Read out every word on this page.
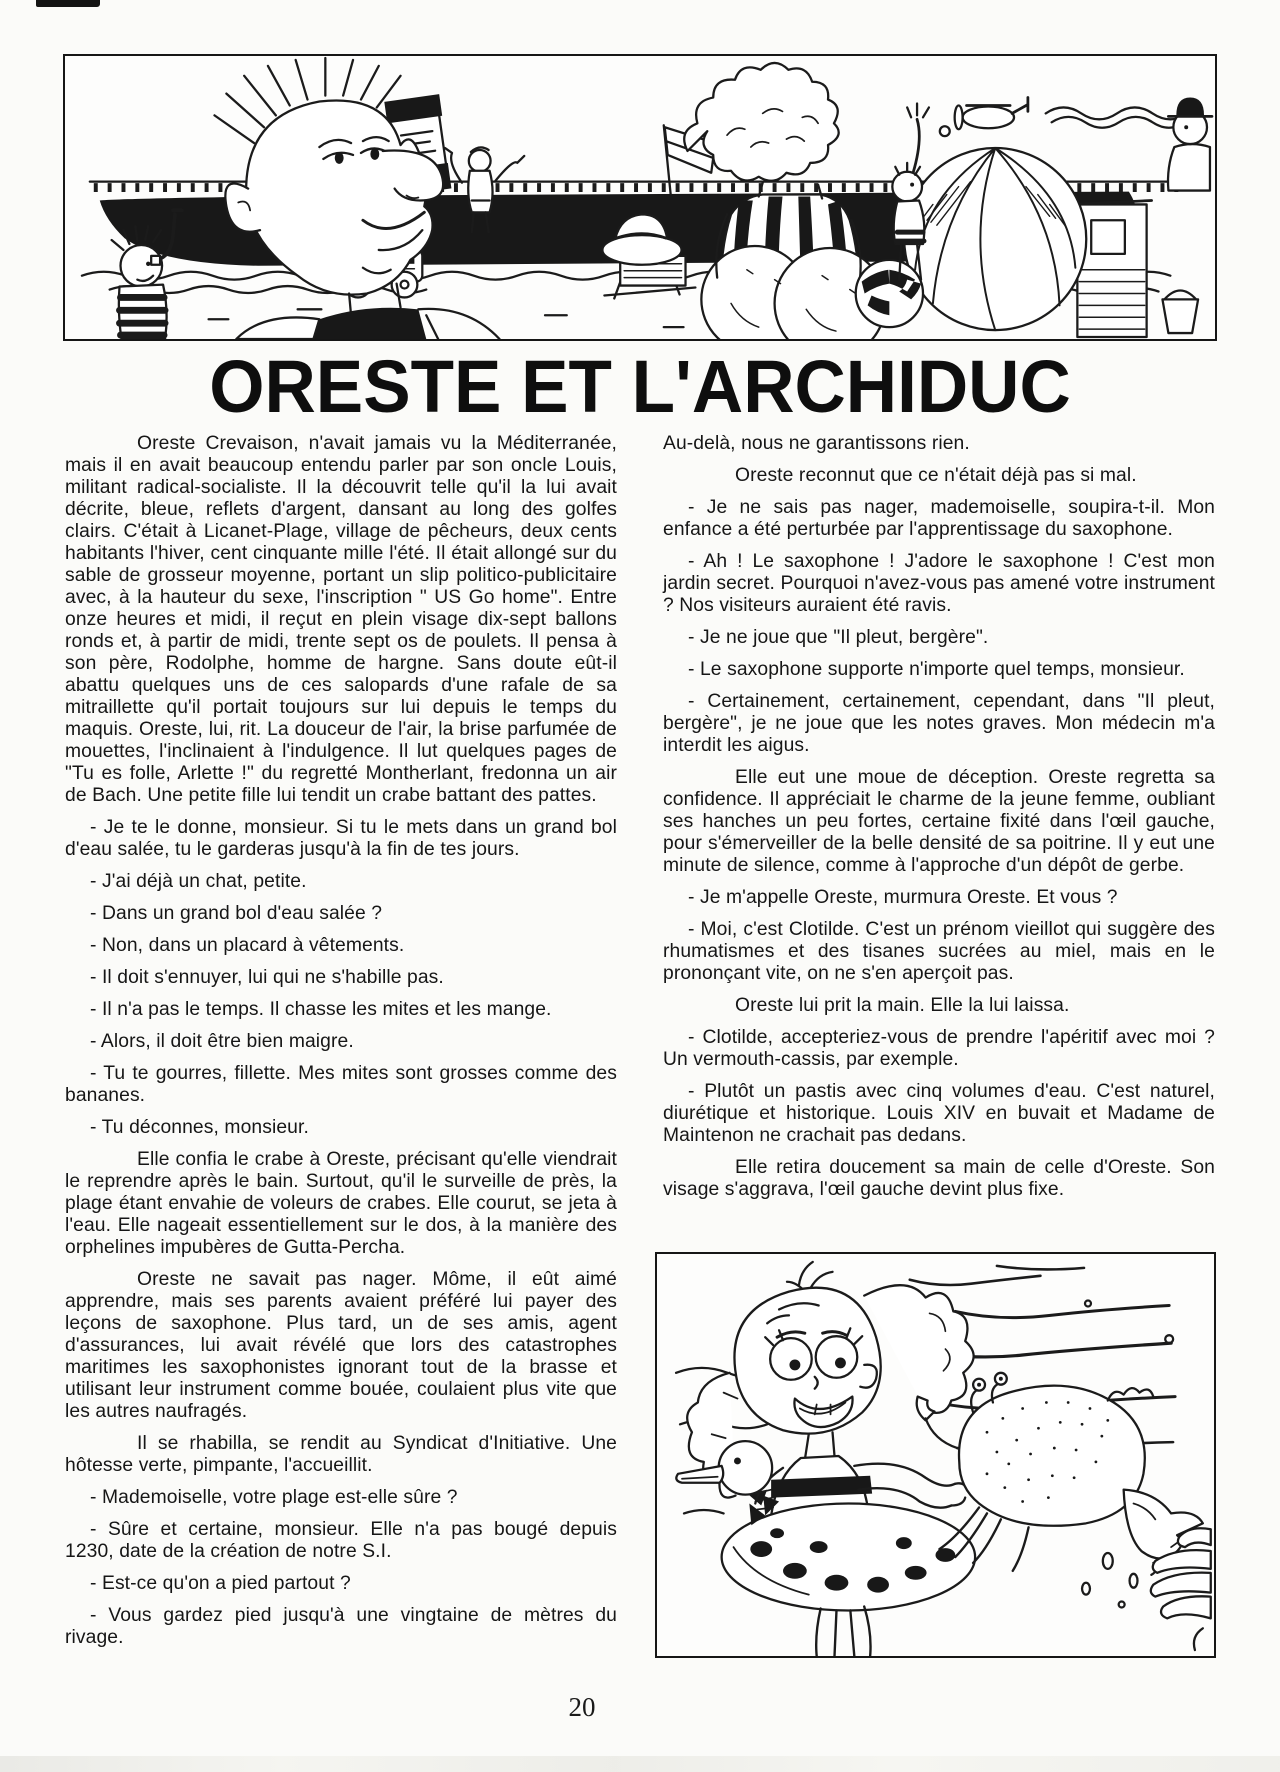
ORESTE ET L'ARCHIDUC

Oreste Crevaison, n'avait jamais vu la Méditerranée, mais il en avait beaucoup entendu parler par son oncle Louis, militant radical-socialiste. Il la découvrit telle qu'il la lui avait décrite, bleue, reflets d'argent, dansant au long des golfes clairs. C'était à Licanet-Plage, village de pêcheurs, deux cents habitants l'hiver, cent cinquante mille l'été. Il était allongé sur du sable de grosseur moyenne, portant un slip politico-publicitaire avec, à la hauteur du sexe, l'inscription " US Go home". Entre onze heures et midi, il reçut en plein visage dix-sept ballons ronds et, à partir de midi, trente sept os de poulets. Il pensa à son père, Rodolphe, homme de hargne. Sans doute eût-il abattu quelques uns de ces salopards d'une rafale de sa mitraillette qu'il portait toujours sur lui depuis le temps du maquis. Oreste, lui, rit. La douceur de l'air, la brise parfumée de mouettes, l'inclinaient à l'indulgence. Il lut quelques pages de "Tu es folle, Arlette !" du regretté Montherlant, fredonna un air de Bach. Une petite fille lui tendit un crabe battant des pattes.

- Je te le donne, monsieur. Si tu le mets dans un grand bol d'eau salée, tu le garderas jusqu'à la fin de tes jours.

- J'ai déjà un chat, petite.

- Dans un grand bol d'eau salée ?

- Non, dans un placard à vêtements.

- Il doit s'ennuyer, lui qui ne s'habille pas.

- Il n'a pas le temps. Il chasse les mites et les mange.

- Alors, il doit être bien maigre.

- Tu te gourres, fillette. Mes mites sont grosses comme des bananes.

- Tu déconnes, monsieur.

Elle confia le crabe à Oreste, précisant qu'elle viendrait le reprendre après le bain. Surtout, qu'il le surveille de près, la plage étant envahie de voleurs de crabes. Elle courut, se jeta à l'eau. Elle nageait essentiellement sur le dos, à la manière des orphelines impubères de Gutta-Percha.

Oreste ne savait pas nager. Môme, il eût aimé apprendre, mais ses parents avaient préféré lui payer des leçons de saxophone. Plus tard, un de ses amis, agent d'assurances, lui avait révélé que lors des catastrophes maritimes les saxophonistes ignorant tout de la brasse et utilisant leur instrument comme bouée, coulaient plus vite que les autres naufragés.

Il se rhabilla, se rendit au Syndicat d'Initiative. Une hôtesse verte, pimpante, l'accueillit.

- Mademoiselle, votre plage est-elle sûre ?

- Sûre et certaine, monsieur. Elle n'a pas bougé depuis 1230, date de la création de notre S.I.

- Est-ce qu'on a pied partout ?

- Vous gardez pied jusqu'à une vingtaine de mètres du rivage.

Au-delà, nous ne garantissons rien.

Oreste reconnut que ce n'était déjà pas si mal.

- Je ne sais pas nager, mademoiselle, soupira-t-il. Mon enfance a été perturbée par l'apprentissage du saxophone.

- Ah ! Le saxophone ! J'adore le saxophone ! C'est mon jardin secret. Pourquoi n'avez-vous pas amené votre instrument ? Nos visiteurs auraient été ravis.

- Je ne joue que "Il pleut, bergère".

- Le saxophone supporte n'importe quel temps, monsieur.

- Certainement, certainement, cependant, dans "Il pleut, bergère", je ne joue que les notes graves. Mon médecin m'a interdit les aigus.

Elle eut une moue de déception. Oreste regretta sa confidence. Il appréciait le charme de la jeune femme, oubliant ses hanches un peu fortes, certaine fixité dans l'œil gauche, pour s'émerveiller de la belle densité de sa poitrine. Il y eut une minute de silence, comme à l'approche d'un dépôt de gerbe.

- Je m'appelle Oreste, murmura Oreste. Et vous ?

- Moi, c'est Clotilde. C'est un prénom vieillot qui suggère des rhumatismes et des tisanes sucrées au miel, mais en le prononçant vite, on ne s'en aperçoit pas.

Oreste lui prit la main. Elle la lui laissa.

- Clotilde, accepteriez-vous de prendre l'apéritif avec moi ? Un vermouth-cassis, par exemple.

- Plutôt un pastis avec cinq volumes d'eau. C'est naturel, diurétique et historique. Louis XIV en buvait et Madame de Maintenon ne crachait pas dedans.

Elle retira doucement sa main de celle d'Oreste. Son visage s'aggrava, l'œil gauche devint plus fixe.

20
